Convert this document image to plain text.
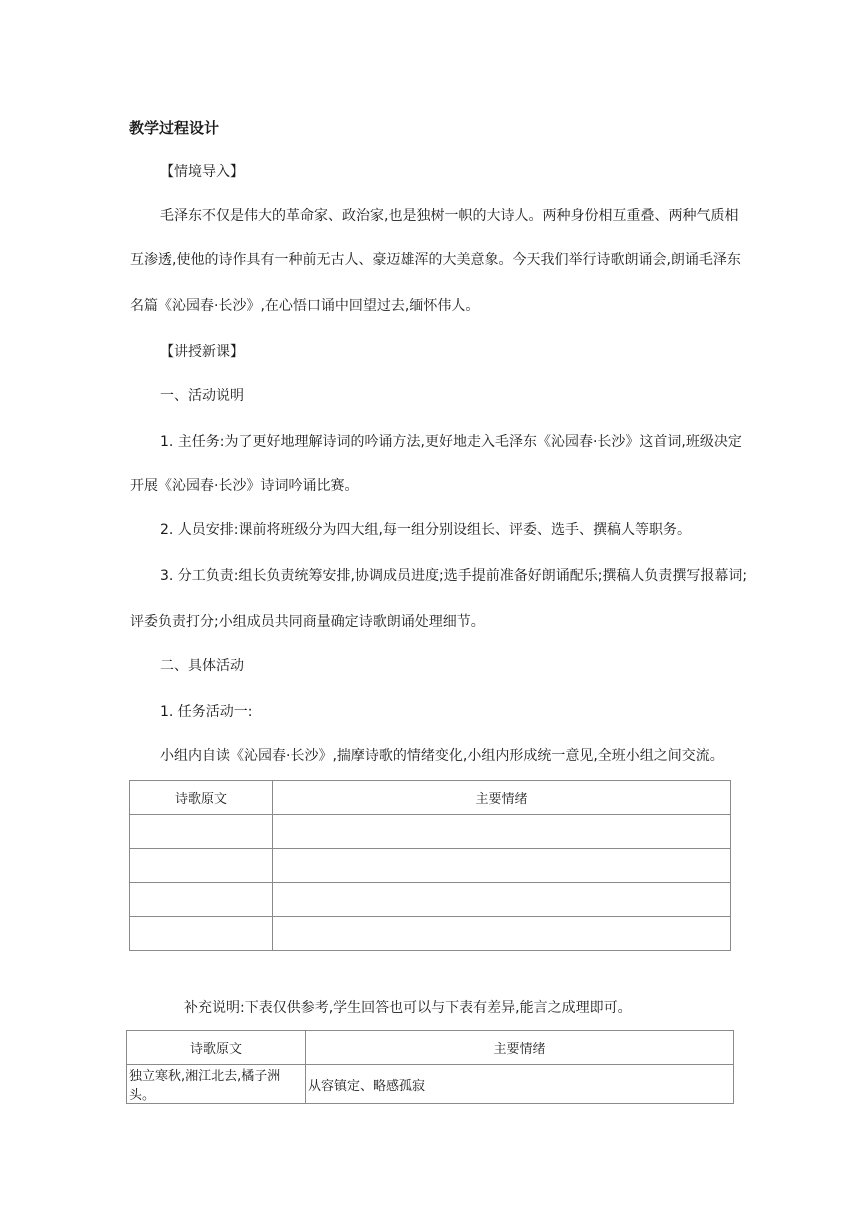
教学过程设计
【情境导入】
毛泽东不仅是伟大的革命家、政治家,也是独树一帜的大诗人。两种身份相互重叠、两种气质相
互渗透,使他的诗作具有一种前无古人、豪迈雄浑的大美意象。今天我们举行诗歌朗诵会,朗诵毛泽东
名篇《沁园春·长沙》,在心悟口诵中回望过去,缅怀伟人。
【讲授新课】
一、活动说明
1. 主任务:为了更好地理解诗词的吟诵方法,更好地走入毛泽东《沁园春·长沙》这首词,班级决定
开展《沁园春·长沙》诗词吟诵比赛。
2. 人员安排:课前将班级分为四大组,每一组分别设组长、评委、选手、撰稿人等职务。
3. 分工负责:组长负责统筹安排,协调成员进度;选手提前准备好朗诵配乐;撰稿人负责撰写报幕词;
评委负责打分;小组成员共同商量确定诗歌朗诵处理细节。
二、具体活动
1. 任务活动一:
小组内自读《沁园春·长沙》,揣摩诗歌的情绪变化,小组内形成统一意见,全班小组之间交流。
诗歌原文	主要情绪

补充说明:下表仅供参考,学生回答也可以与下表有差异,能言之成理即可。
诗歌原文	主要情绪
独立寒秋,湘江北去,橘子洲头。	从容镇定、略感孤寂
